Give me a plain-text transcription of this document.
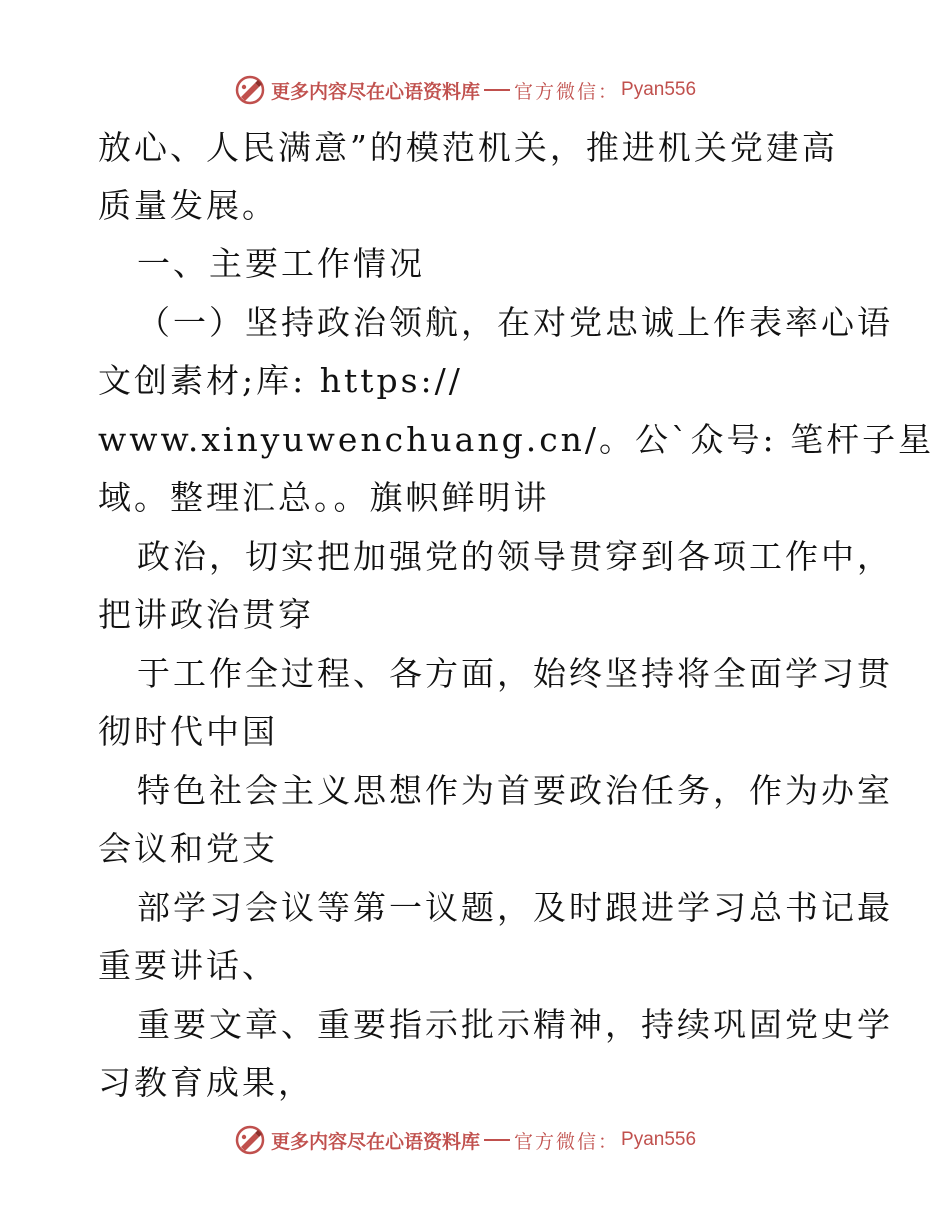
更多内容尽在心语资料库 官方微信： Pyan556
放心、人民满意”的模范机关，推进机关党建高
质量发展。
一、主要工作情况
（一）坚持政治领航，在对党忠诚上作表率心语
文创素材;库: https://
www.xinyuwenchuang.cn/。公`众号: 笔杆子星
域。整理汇总。。旗帜鲜明讲
政治，切实把加强党的领导贯穿到各项工作中，
把讲政治贯穿
于工作全过程、各方面，始终坚持将全面学习贯
彻时代中国
特色社会主义思想作为首要政治任务，作为办室
会议和党支
部学习会议等第一议题，及时跟进学习总书记最
重要讲话、
重要文章、重要指示批示精神，持续巩固党史学
习教育成果，
更多内容尽在心语资料库 官方微信： Pyan556
